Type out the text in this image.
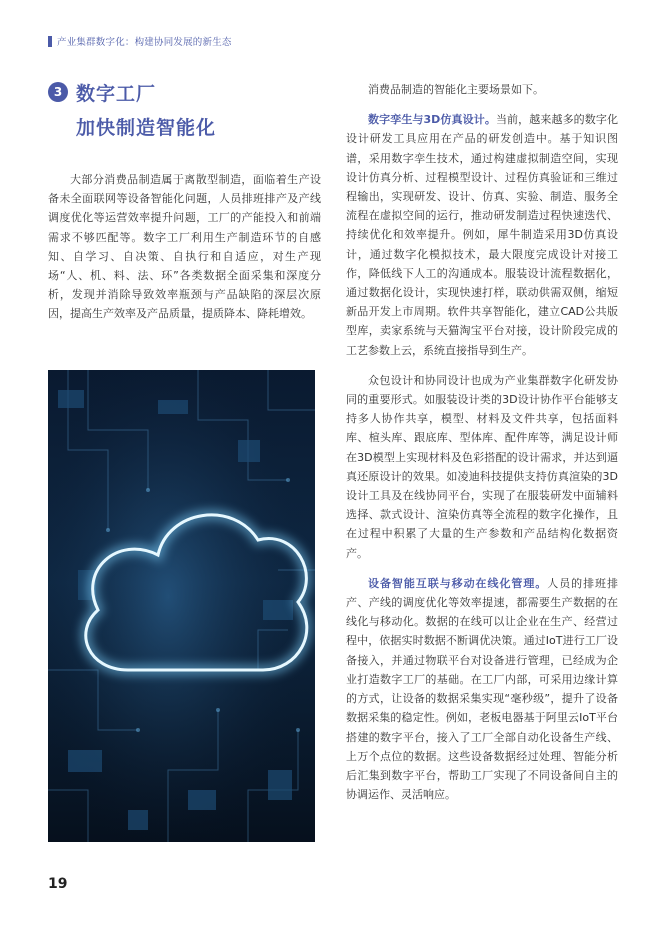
产业集群数字化：构建协同发展的新生态
3 数字工厂
加快制造智能化

大部分消费品制造属于离散型制造，面临着生产设备未全面联网等设备智能化问题，人员排班排产及产线调度优化等运营效率提升问题，工厂的产能投入和前端需求不够匹配等。数字工厂利用生产制造环节的自感知、自学习、自决策、自执行和自适应，对生产现场“人、机、料、法、环”各类数据全面采集和深度分析，发现并消除导致效率瓶颈与产品缺陷的深层次原因，提高生产效率及产品质量，提质降本、降耗增效。

消费品制造的智能化主要场景如下。

数字孪生与3D仿真设计。当前，越来越多的数字化设计研发工具应用在产品的研发创造中。基于知识图谱，采用数字孪生技术，通过构建虚拟制造空间，实现设计仿真分析、过程模型设计、过程仿真验证和三维过程输出，实现研发、设计、仿真、实验、制造、服务全流程在虚拟空间的运行，推动研发制造过程快速迭代、持续优化和效率提升。例如，犀牛制造采用3D仿真设计，通过数字化模拟技术，最大限度完成设计对接工作，降低线下人工的沟通成本。服装设计流程数据化，通过数据化设计，实现快速打样，联动供需双侧，缩短新品开发上市周期。软件共享智能化，建立CAD公共版型库，卖家系统与天猫淘宝平台对接，设计阶段完成的工艺参数上云，系统直接指导到生产。

众包设计和协同设计也成为产业集群数字化研发协同的重要形式。如服装设计类的3D设计协作平台能够支持多人协作共享，模型、材料及文件共享，包括面料库、楦头库、跟底库、型体库、配件库等，满足设计师在3D模型上实现材料及色彩搭配的设计需求，并达到逼真还原设计的效果。如凌迪科技提供支持仿真渲染的3D设计工具及在线协同平台，实现了在服装研发中面辅料选择、款式设计、渲染仿真等全流程的数字化操作，且在过程中积累了大量的生产参数和产品结构化数据资产。

设备智能互联与移动在线化管理。人员的排班排产、产线的调度优化等效率提速，都需要生产数据的在线化与移动化。数据的在线可以让企业在生产、经营过程中，依据实时数据不断调优决策。通过IoT进行工厂设备接入，并通过物联平台对设备进行管理，已经成为企业打造数字工厂的基础。在工厂内部，可采用边缘计算的方式，让设备的数据采集实现“毫秒级”，提升了设备数据采集的稳定性。例如，老板电器基于阿里云IoT平台搭建的数字平台，接入了工厂全部自动化设备生产线、上万个点位的数据。这些设备数据经过处理、智能分析后汇集到数字平台，帮助工厂实现了不同设备间自主的协调运作、灵活响应。

19
